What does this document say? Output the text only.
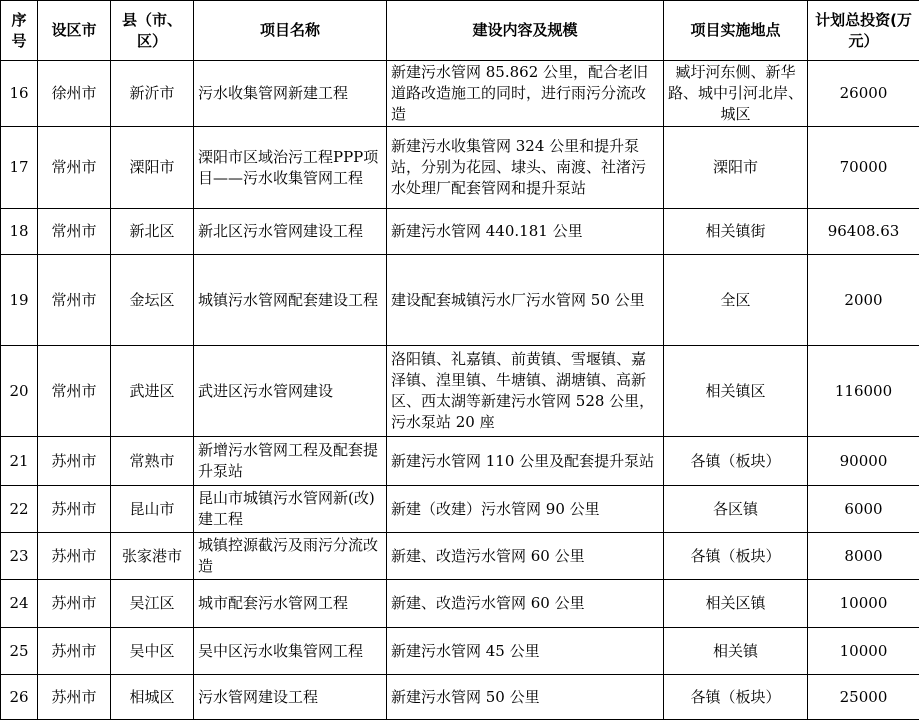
序号	设区市	县（市、区）	项目名称	建设内容及规模	项目实施地点	计划总投资(万元）
16	徐州市	新沂市	污水收集管网新建工程	新建污水管网 85.862 公里，配合老旧道路改造施工的同时，进行雨污分流改造	臧圩河东侧、新华路、城中引河北岸、城区	26000
17	常州市	溧阳市	溧阳市区域治污工程PPP项目——污水收集管网工程	新建污水收集管网 324 公里和提升泵站，分别为花园、埭头、南渡、社渚污水处理厂配套管网和提升泵站	溧阳市	70000
18	常州市	新北区	新北区污水管网建设工程	新建污水管网 440.181 公里	相关镇街	96408.63
19	常州市	金坛区	城镇污水管网配套建设工程	建设配套城镇污水厂污水管网 50 公里	全区	2000
20	常州市	武进区	武进区污水管网建设	洛阳镇、礼嘉镇、前黄镇、雪堰镇、嘉泽镇、湟里镇、牛塘镇、湖塘镇、高新区、西太湖等新建污水管网 528 公里，污水泵站 20 座	相关镇区	116000
21	苏州市	常熟市	新增污水管网工程及配套提升泵站	新建污水管网 110 公里及配套提升泵站	各镇（板块）	90000
22	苏州市	昆山市	昆山市城镇污水管网新(改)建工程	新建（改建）污水管网 90 公里	各区镇	6000
23	苏州市	张家港市	城镇控源截污及雨污分流改造	新建、改造污水管网 60 公里	各镇（板块）	8000
24	苏州市	吴江区	城市配套污水管网工程	新建、改造污水管网 60 公里	相关区镇	10000
25	苏州市	吴中区	吴中区污水收集管网工程	新建污水管网 45 公里	相关镇	10000
26	苏州市	相城区	污水管网建设工程	新建污水管网 50 公里	各镇（板块）	25000
